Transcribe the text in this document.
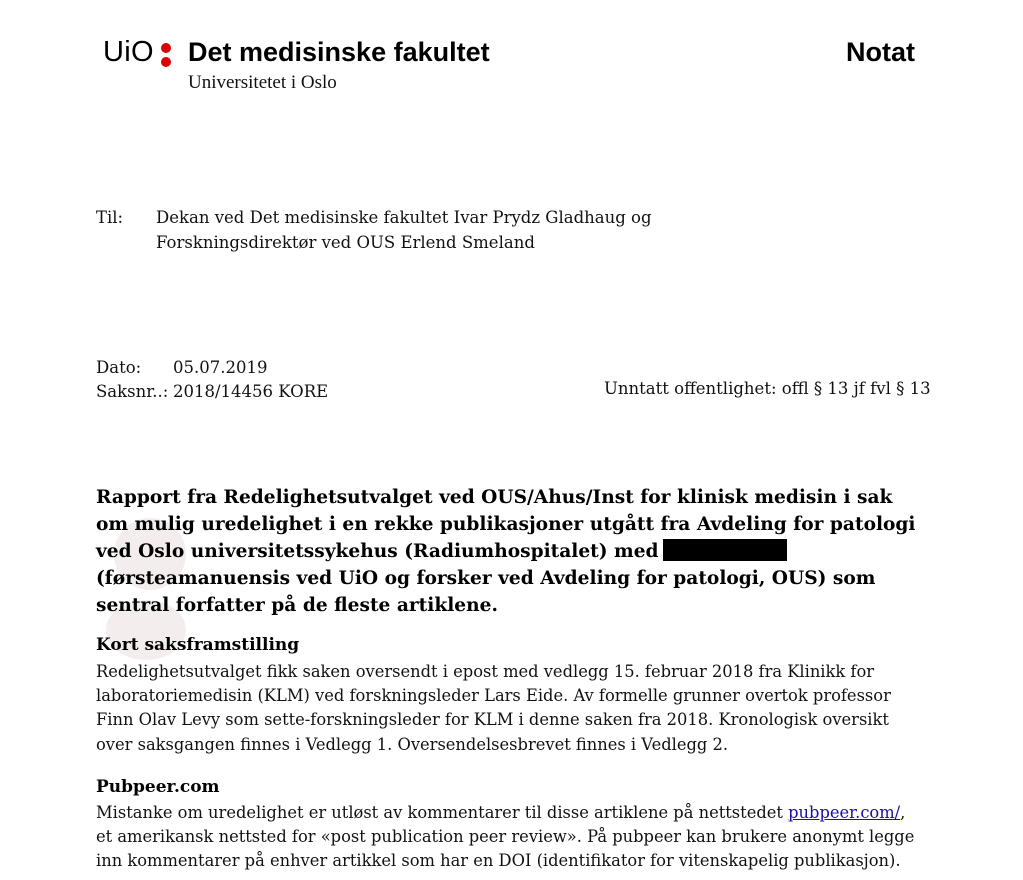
UiO Det medisinske fakultet
Universitetet i Oslo
Notat
Til: Dekan ved Det medisinske fakultet Ivar Prydz Gladhaug og
Forskningsdirektør ved OUS Erlend Smeland
Dato: 05.07.2019
Saksnr..: 2018/14456 KORE	Unntatt offentlighet: offl § 13 jf fvl § 13
Rapport fra Redelighetsutvalget ved OUS/Ahus/Inst for klinisk medisin i sak
om mulig uredelighet i en rekke publikasjoner utgått fra Avdeling for patologi
ved Oslo universitetssykehus (Radiumhospitalet) med
(førsteamanuensis ved UiO og forsker ved Avdeling for patologi, OUS) som
sentral forfatter på de fleste artiklene.
Kort saksframstilling
Redelighetsutvalget fikk saken oversendt i epost med vedlegg 15. februar 2018 fra Klinikk for
laboratoriemedisin (KLM) ved forskningsleder Lars Eide. Av formelle grunner overtok professor
Finn Olav Levy som sette-forskningsleder for KLM i denne saken fra 2018. Kronologisk oversikt
over saksgangen finnes i Vedlegg 1. Oversendelsesbrevet finnes i Vedlegg 2.
Pubpeer.com
Mistanke om uredelighet er utløst av kommentarer til disse artiklene på nettstedet pubpeer.com/,
et amerikansk nettsted for «post publication peer review». På pubpeer kan brukere anonymt legge
inn kommentarer på enhver artikkel som har en DOI (identifikator for vitenskapelig publikasjon).
